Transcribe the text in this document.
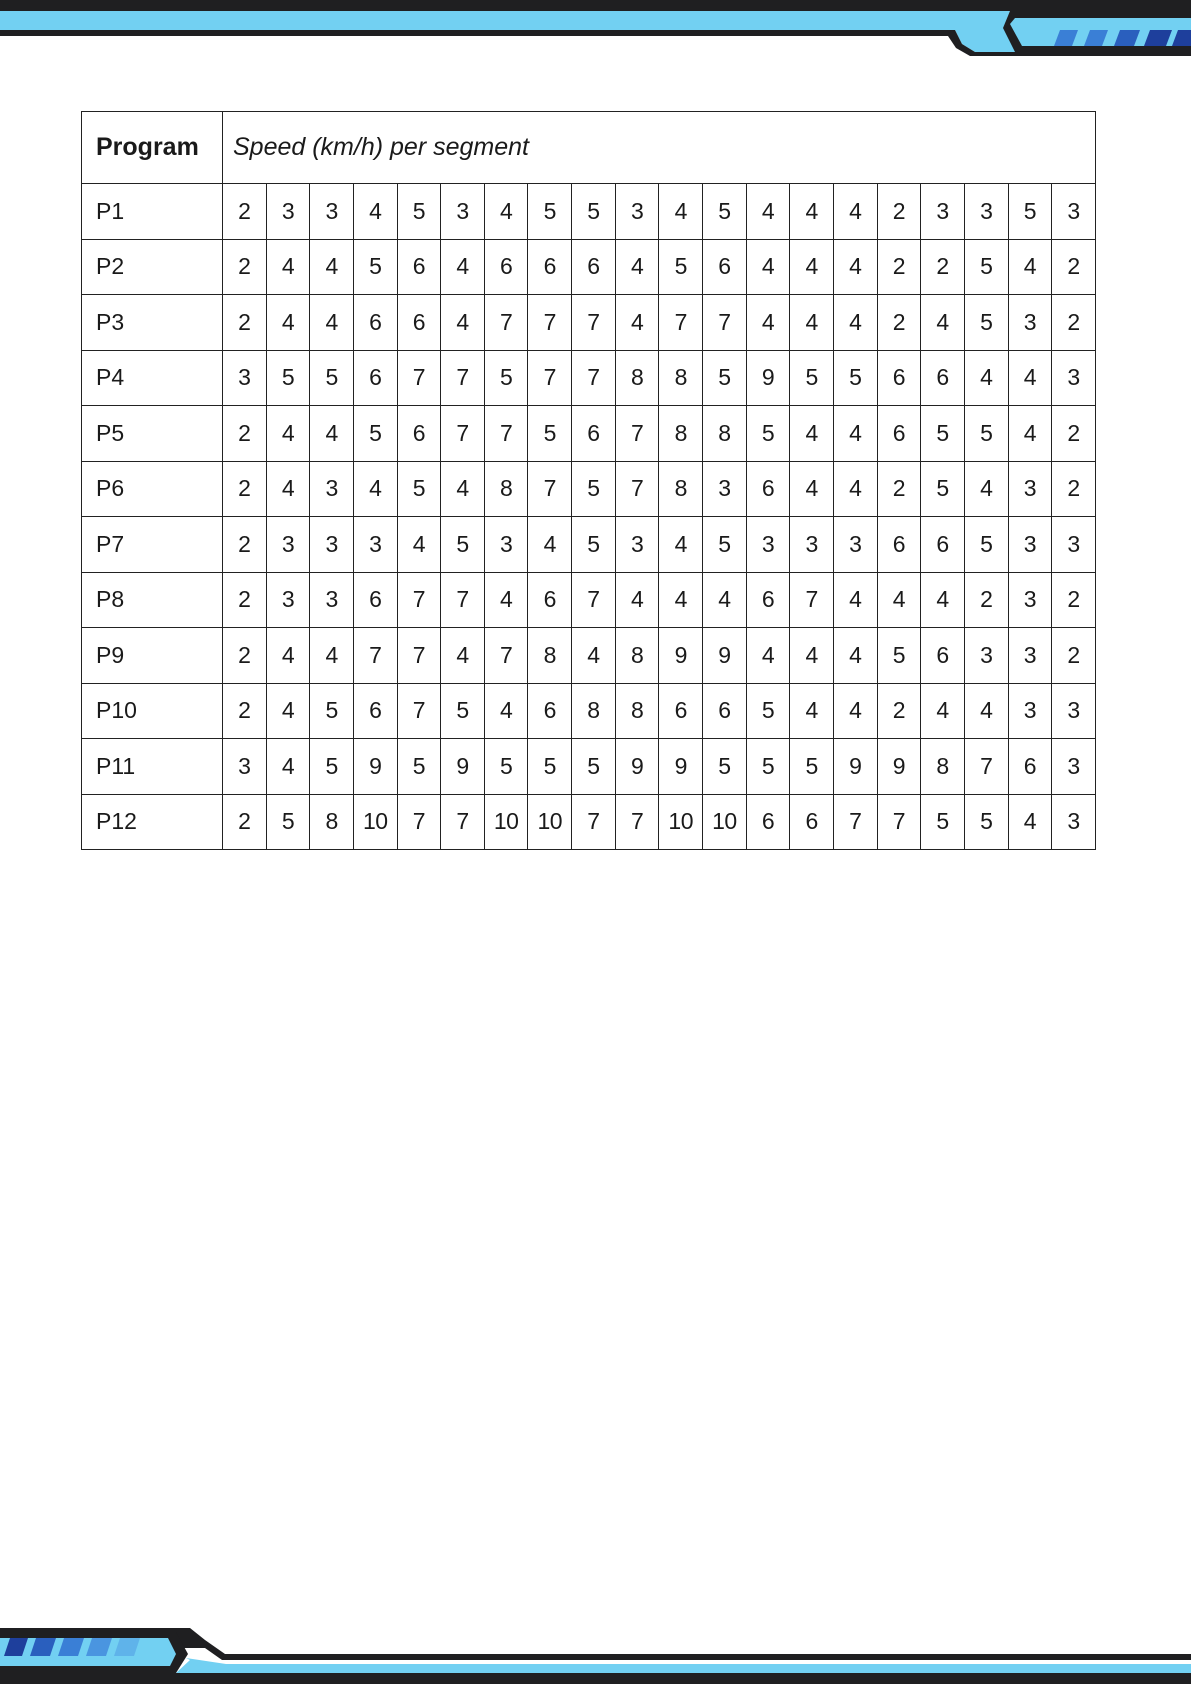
Program	Speed (km/h) per segment																			
P1	2	3	3	4	5	3	4	5	5	3	4	5	4	4	4	2	3	3	5	3
P2	2	4	4	5	6	4	6	6	6	4	5	6	4	4	4	2	2	5	4	2
P3	2	4	4	6	6	4	7	7	7	4	7	7	4	4	4	2	4	5	3	2
P4	3	5	5	6	7	7	5	7	7	8	8	5	9	5	5	6	6	4	4	3
P5	2	4	4	5	6	7	7	5	6	7	8	8	5	4	4	6	5	5	4	2
P6	2	4	3	4	5	4	8	7	5	7	8	3	6	4	4	2	5	4	3	2
P7	2	3	3	3	4	5	3	4	5	3	4	5	3	3	3	6	6	5	3	3
P8	2	3	3	6	7	7	4	6	7	4	4	4	6	7	4	4	4	2	3	2
P9	2	4	4	7	7	4	7	8	4	8	9	9	4	4	4	5	6	3	3	2
P10	2	4	5	6	7	5	4	6	8	8	6	6	5	4	4	2	4	4	3	3
P11	3	4	5	9	5	9	5	5	5	9	9	5	5	5	9	9	8	7	6	3
P12	2	5	8	10	7	7	10	10	7	7	10	10	6	6	7	7	5	5	4	3
